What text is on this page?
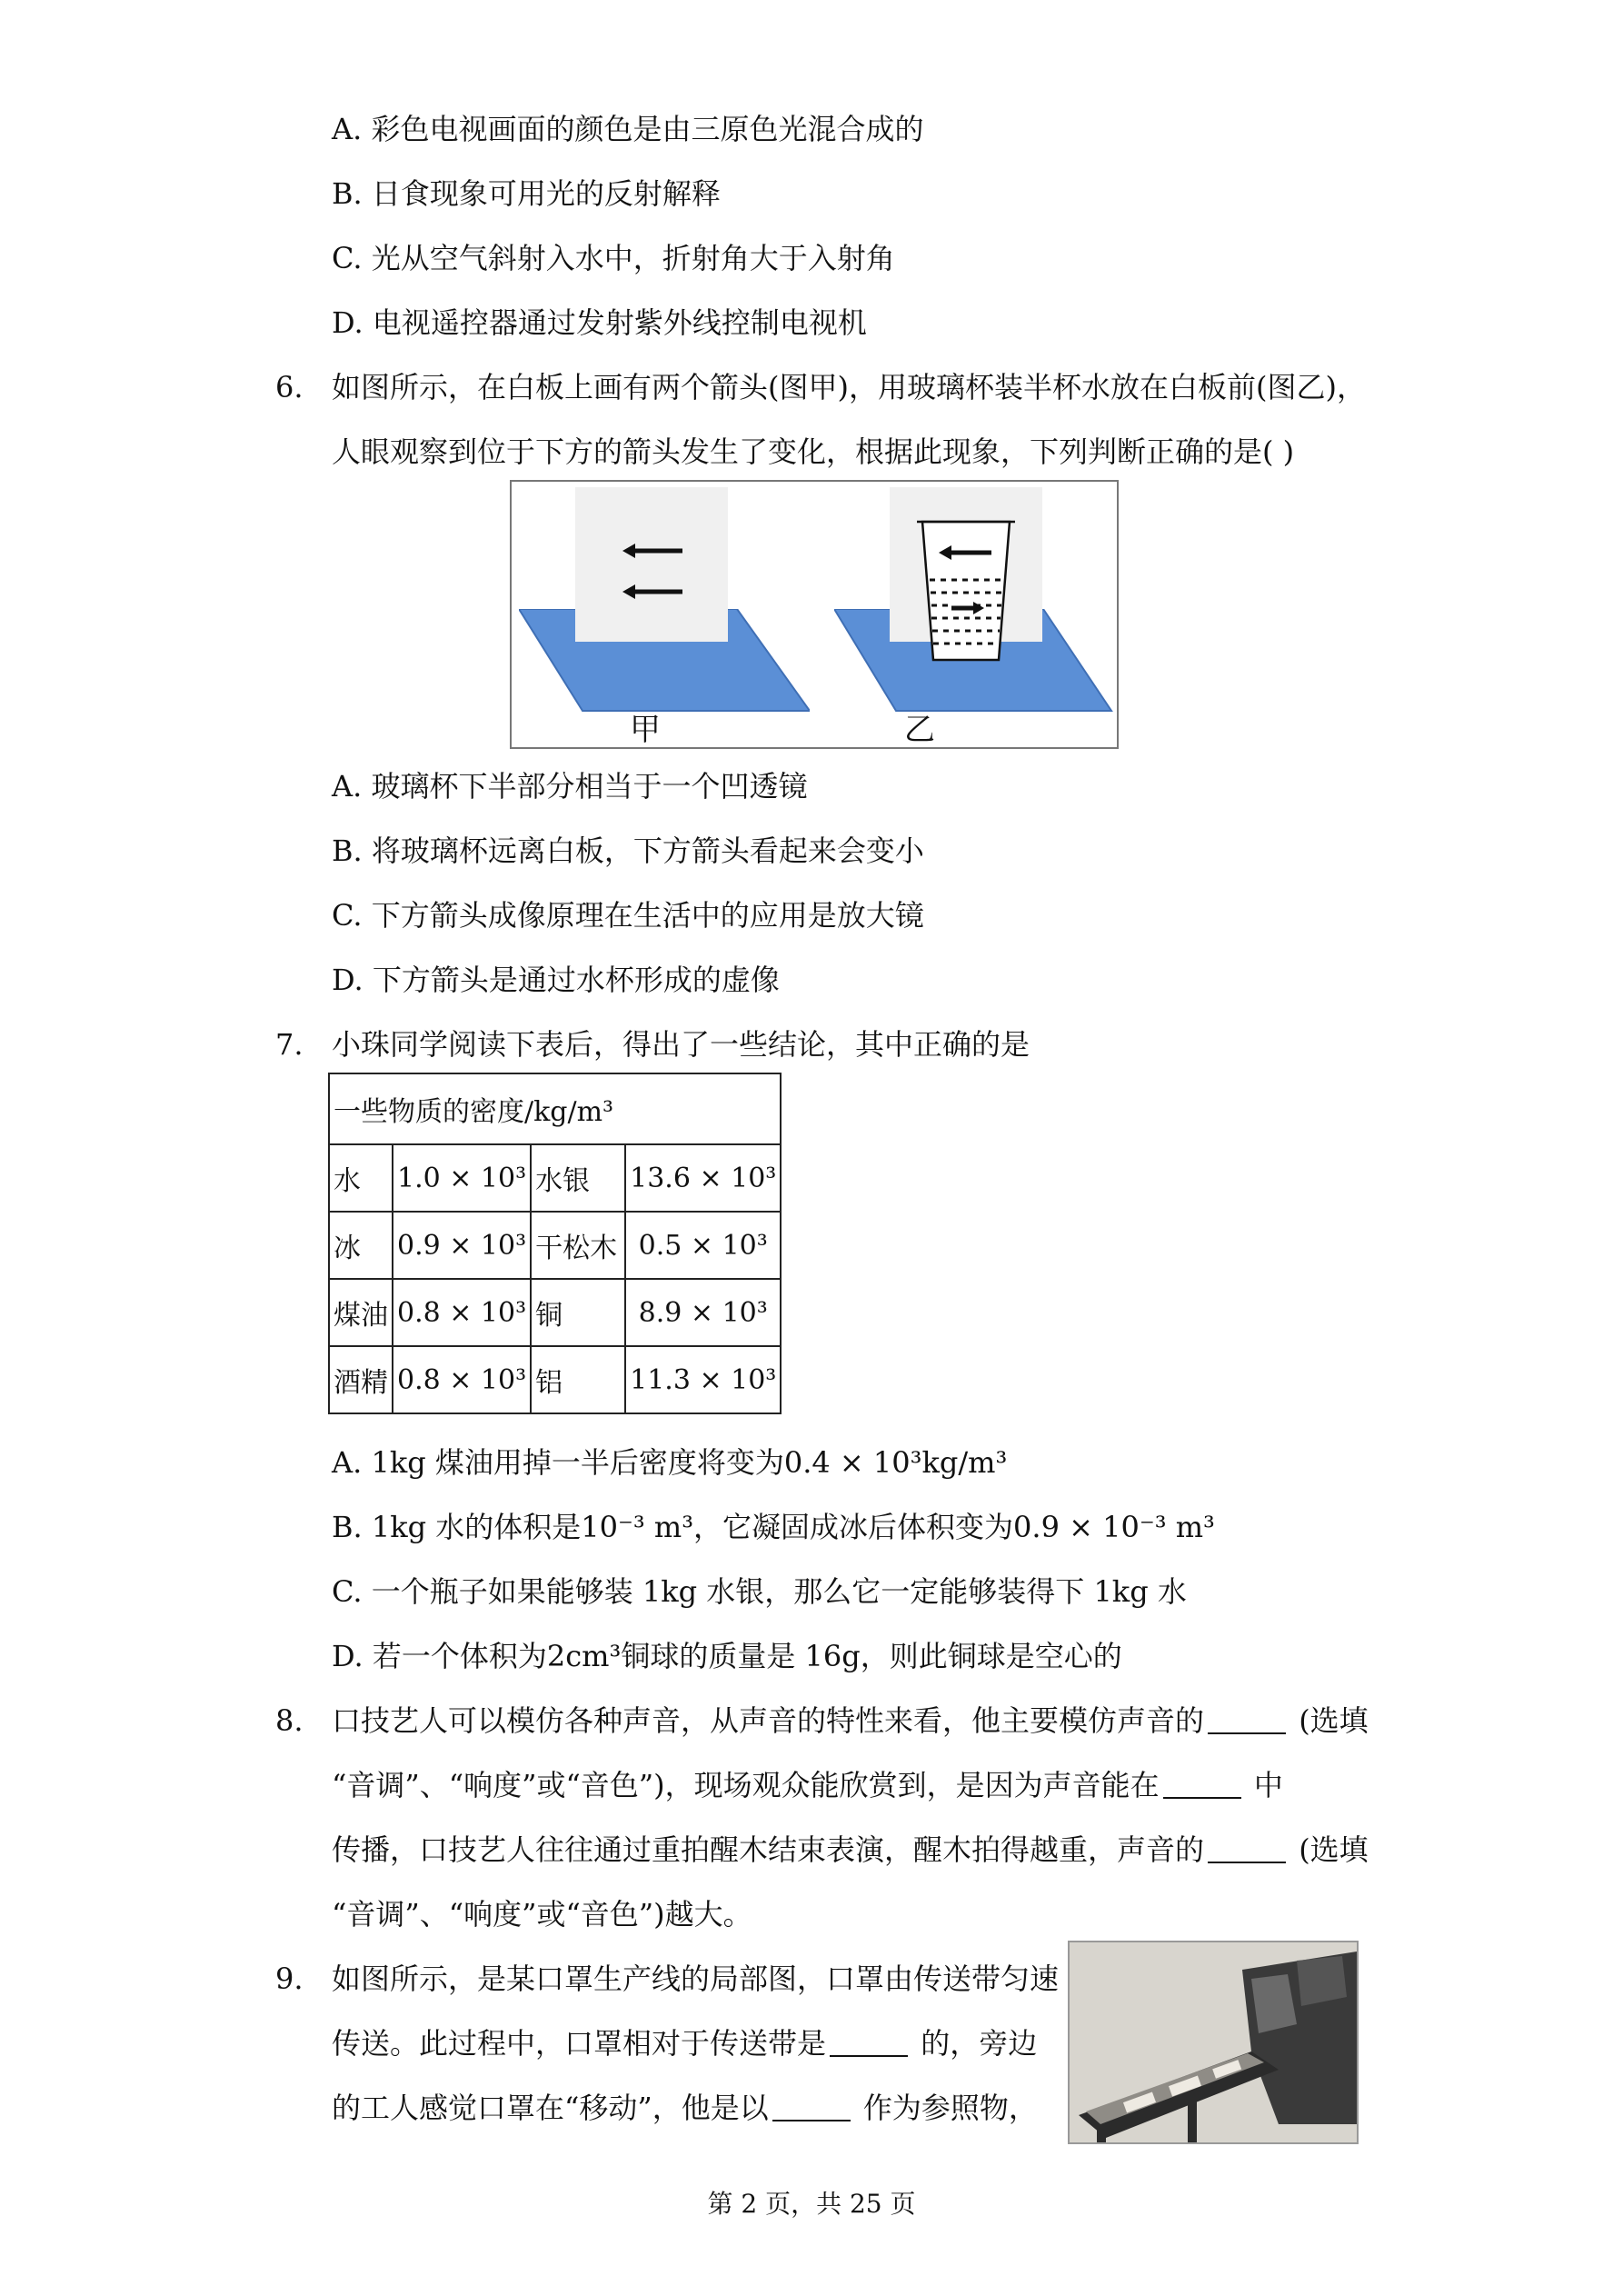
A. 彩色电视画面的颜色是由三原色光混合成的
B. 日食现象可用光的反射解释
C. 光从空气斜射入水中，折射角大于入射角
D. 电视遥控器通过发射紫外线控制电视机
6. 如图所示，在白板上画有两个箭头(图甲)，用玻璃杯装半杯水放在白板前(图乙)，
人眼观察到位于下方的箭头发生了变化，根据此现象，下列判断正确的是( )
甲	乙
A. 玻璃杯下半部分相当于一个凹透镜
B. 将玻璃杯远离白板，下方箭头看起来会变小
C. 下方箭头成像原理在生活中的应用是放大镜
D. 下方箭头是通过水杯形成的虚像
7. 小珠同学阅读下表后，得出了一些结论，其中正确的是
一些物质的密度/kg/m³			
水	1.0 × 10³	水银	13.6 × 10³
冰	0.9 × 10³	干松木	0.5 × 10³
煤油	0.8 × 10³	铜	8.9 × 10³
酒精	0.8 × 10³	铝	11.3 × 10³
A. 1kg 煤油用掉一半后密度将变为0.4 × 10³kg/m³
B. 1kg 水的体积是10⁻³ m³，它凝固成冰后体积变为0.9 × 10⁻³ m³
C. 一个瓶子如果能够装 1kg 水银，那么它一定能够装得下 1kg 水
D. 若一个体积为2cm³铜球的质量是 16g，则此铜球是空心的
8. 口技艺人可以模仿各种声音，从声音的特性来看，他主要模仿声音的	(选填
“音调”、“响度”或“音色”)，现场观众能欣赏到，是因为声音能在	中
传播，口技艺人往往通过重拍醒木结束表演，醒木拍得越重，声音的	(选填
“音调”、“响度”或“音色”)越大。
9. 如图所示，是某口罩生产线的局部图，口罩由传送带匀速
传送。此过程中，口罩相对于传送带是	的，旁边
的工人感觉口罩在“移动”，他是以	作为参照物，
第 2 页，共 25 页
